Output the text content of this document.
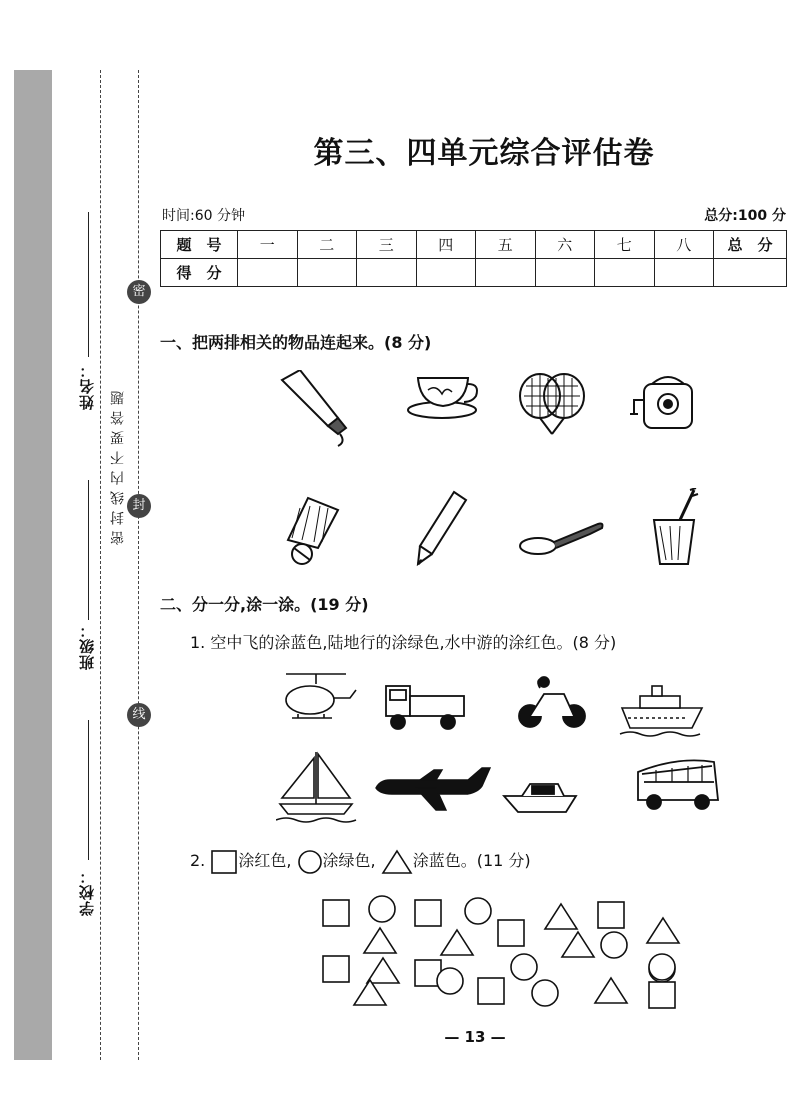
密
封
线
姓名：
班级：
学校：
密封线内不要答题
第三、四单元综合评估卷
时间:60 分钟	总分:100 分
题　号	一	二	三	四	五	六	七	八	总　分
得　分									
一、把两排相关的物品连起来。(8 分)
二、分一分,涂一涂。(19 分)
1. 空中飞的涂蓝色,陆地行的涂绿色,水中游的涂红色。(8 分)
2. 涂红色, 涂绿色, 涂蓝色。(11 分)
— 13 —
